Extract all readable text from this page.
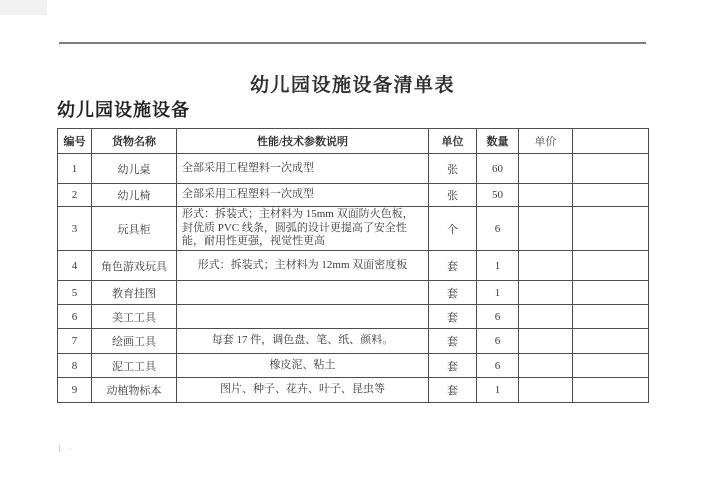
幼儿园设施设备清单表
幼儿园设施设备
编号	货物名称	性能/技术参数说明	单位	数量	单价	
1	幼儿桌	全部采用工程塑料一次成型	张	60		
2	幼儿椅	全部采用工程塑料一次成型	张	50		
3	玩具柜	形式：拆装式；主材料为 15mm 双面防火色板，封优质 PVC 线条，圆弧的设计更提高了安全性能，耐用性更强，视觉性更高	个	6		
4	角色游戏玩具	形式：拆装式；主材料为 12mm 双面密度板	套	1		
5	教育挂图		套	1		
6	美工工具		套	6		
7	绘画工具	每套 17 件，调色盘、笔、纸、颜料。	套	6		
8	泥工工具	橡皮泥、粘土	套	6		
9	动植物标本	图片、种子、花卉、叶子、昆虫等	套	1		
1 ·
